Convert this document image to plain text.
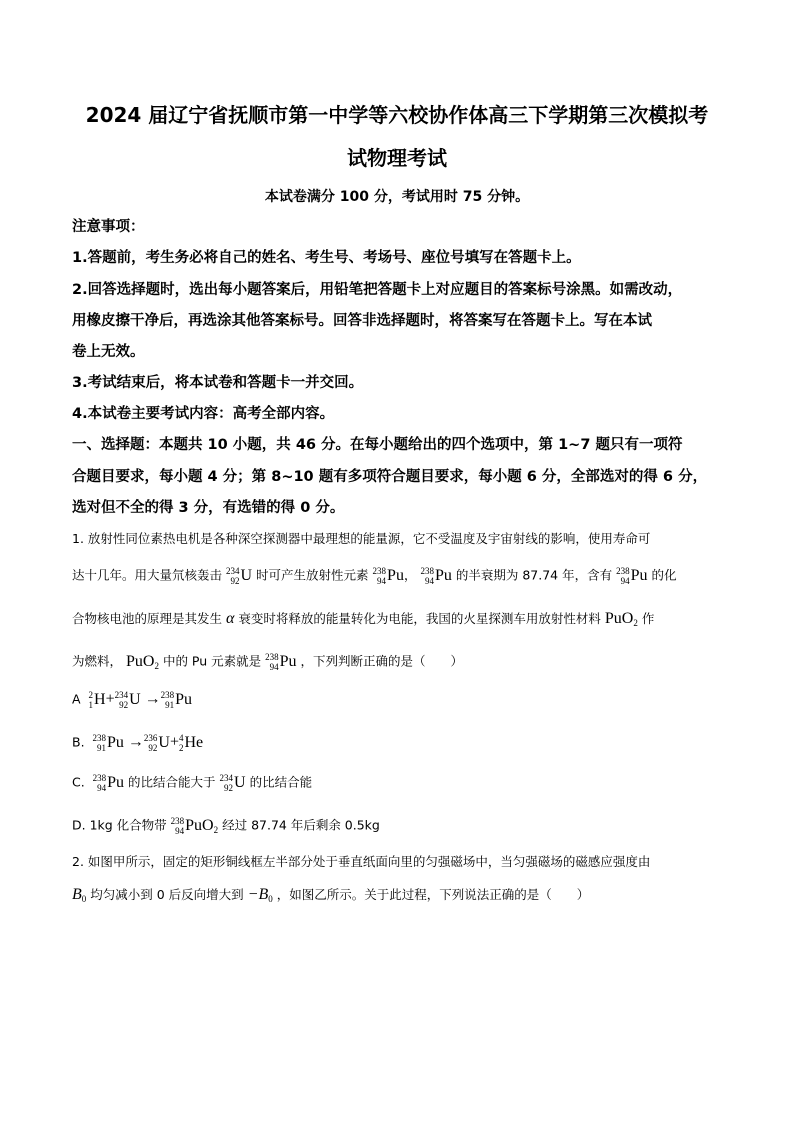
2024 届辽宁省抚顺市第一中学等六校协作体高三下学期第三次模拟考
试物理考试
本试卷满分 100 分，考试用时 75 分钟。
注意事项：
1.答题前，考生务必将自己的姓名、考生号、考场号、座位号填写在答题卡上。
2.回答选择题时，选出每小题答案后，用铅笔把答题卡上对应题目的答案标号涂黑。如需改动，
用橡皮擦干净后，再选涂其他答案标号。回答非选择题时，将答案写在答题卡上。写在本试
卷上无效。
3.考试结束后，将本试卷和答题卡一并交回。
4.本试卷主要考试内容：高考全部内容。
一、选择题：本题共 10 小题，共 46 分。在每小题给出的四个选项中，第 1~7 题只有一项符
合题目要求，每小题 4 分；第 8~10 题有多项符合题目要求，每小题 6 分，全部选对的得 6 分，
选对但不全的得 3 分，有选错的得 0 分。
1. 放射性同位素热电机是各种深空探测器中最理想的能量源，它不受温度及宇宙射线的影响，使用寿命可
达十几年。用大量氘核轰击 234
92 U 时可产生放射性元素 238
94 Pu， 238
94 Pu 的半衰期为 87.74 年，含有 238
94 Pu 的化
合物核电池的原理是其发生 α 衰变时将释放的能量转化为电能，我国的火星探测车用放射性材料 PuO2 作
为燃料， PuO2 中的 Pu 元素就是 238
94 Pu ，下列判断正确的是（　　）
A 2
1 H+ 234
92 U → 238
91 Pu
B. 238
91 Pu → 236
92 U+ 4
2 He
C. 238
94 Pu 的比结合能大于 234
92 U 的比结合能
D. 1kg 化合物带 238
94 PuO2 经过 87.74 年后剩余 0.5kg
2. 如图甲所示，固定的矩形铜线框左半部分处于垂直纸面向里的匀强磁场中，当匀强磁场的磁感应强度由
B0 均匀减小到 0 后反向增大到 −B0 ，如图乙所示。关于此过程，下列说法正确的是（　　）
